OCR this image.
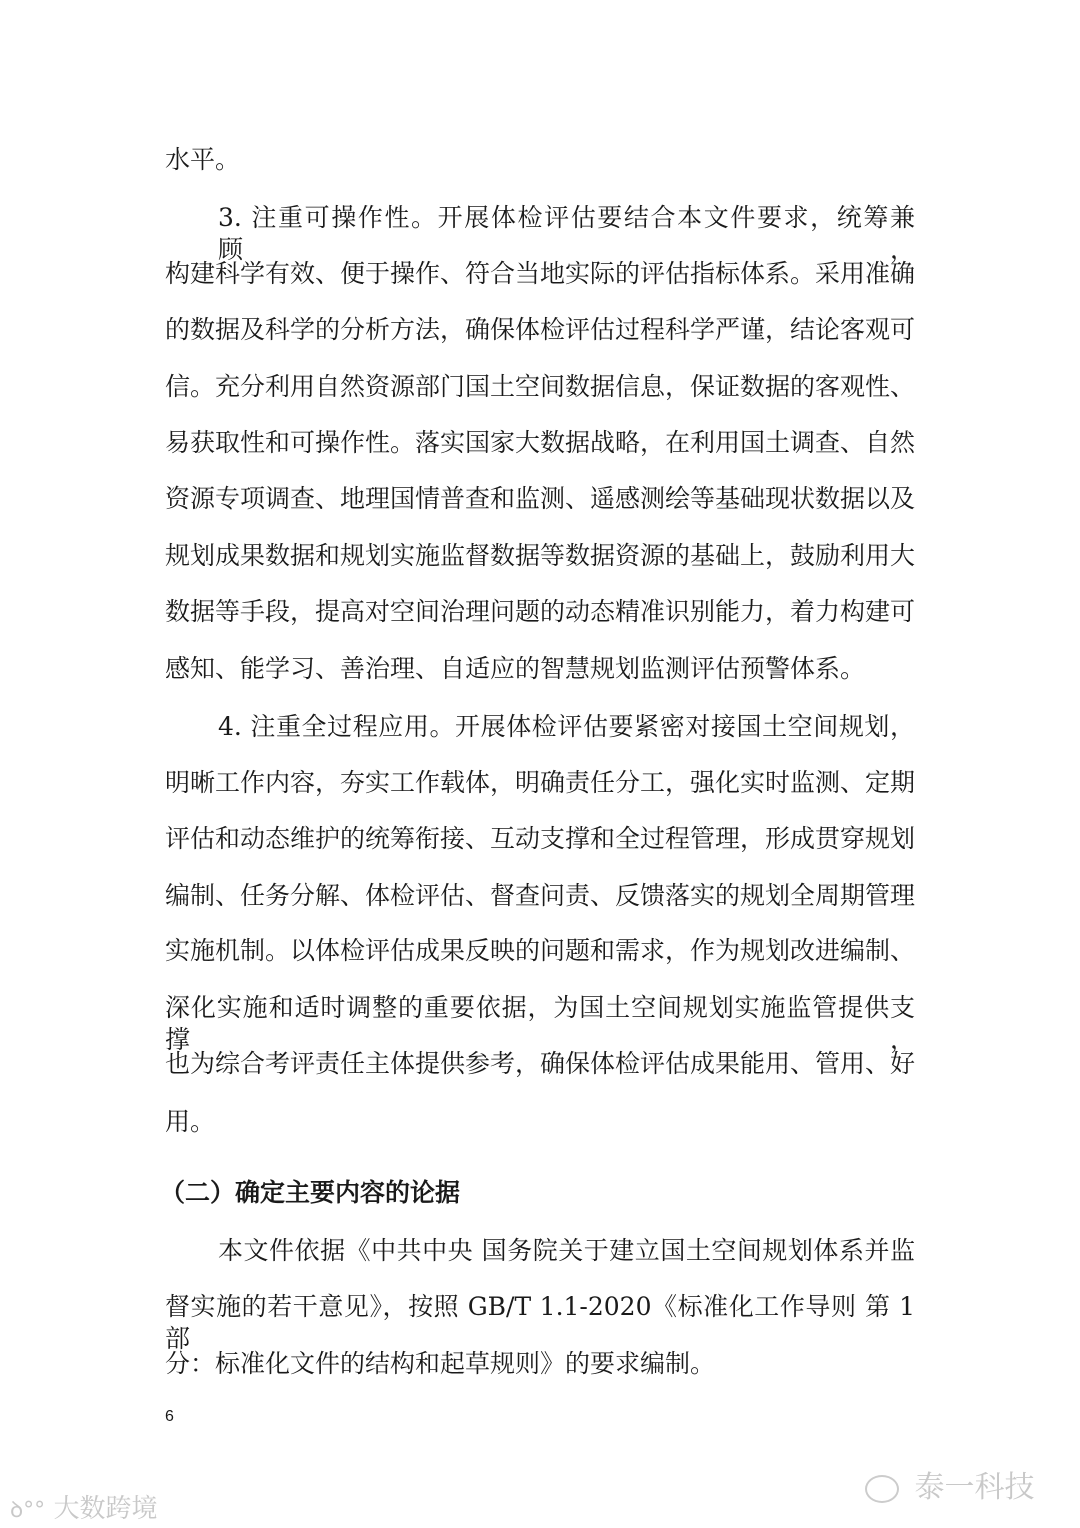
水平。
3. 注重可操作性。开展体检评估要结合本文件要求，统筹兼顾，
构建科学有效、便于操作、符合当地实际的评估指标体系。采用准确
的数据及科学的分析方法，确保体检评估过程科学严谨，结论客观可
信。充分利用自然资源部门国土空间数据信息，保证数据的客观性、
易获取性和可操作性。落实国家大数据战略，在利用国土调查、自然
资源专项调查、地理国情普查和监测、遥感测绘等基础现状数据以及
规划成果数据和规划实施监督数据等数据资源的基础上，鼓励利用大
数据等手段，提高对空间治理问题的动态精准识别能力，着力构建可
感知、能学习、善治理、自适应的智慧规划监测评估预警体系。
4. 注重全过程应用。开展体检评估要紧密对接国土空间规划，
明晰工作内容，夯实工作载体，明确责任分工，强化实时监测、定期
评估和动态维护的统筹衔接、互动支撑和全过程管理，形成贯穿规划
编制、任务分解、体检评估、督查问责、反馈落实的规划全周期管理
实施机制。以体检评估成果反映的问题和需求，作为规划改进编制、
深化实施和适时调整的重要依据，为国土空间规划实施监管提供支撑，
也为综合考评责任主体提供参考，确保体检评估成果能用、管用、好
用。
（二）确定主要内容的论据
本文件依据《中共中央 国务院关于建立国土空间规划体系并监
督实施的若干意见》，按照 GB/T 1.1-2020《标准化工作导则 第 1 部
分：标准化文件的结构和起草规则》的要求编制。
6
ꝺ°° 大数跨境
泰一科技
